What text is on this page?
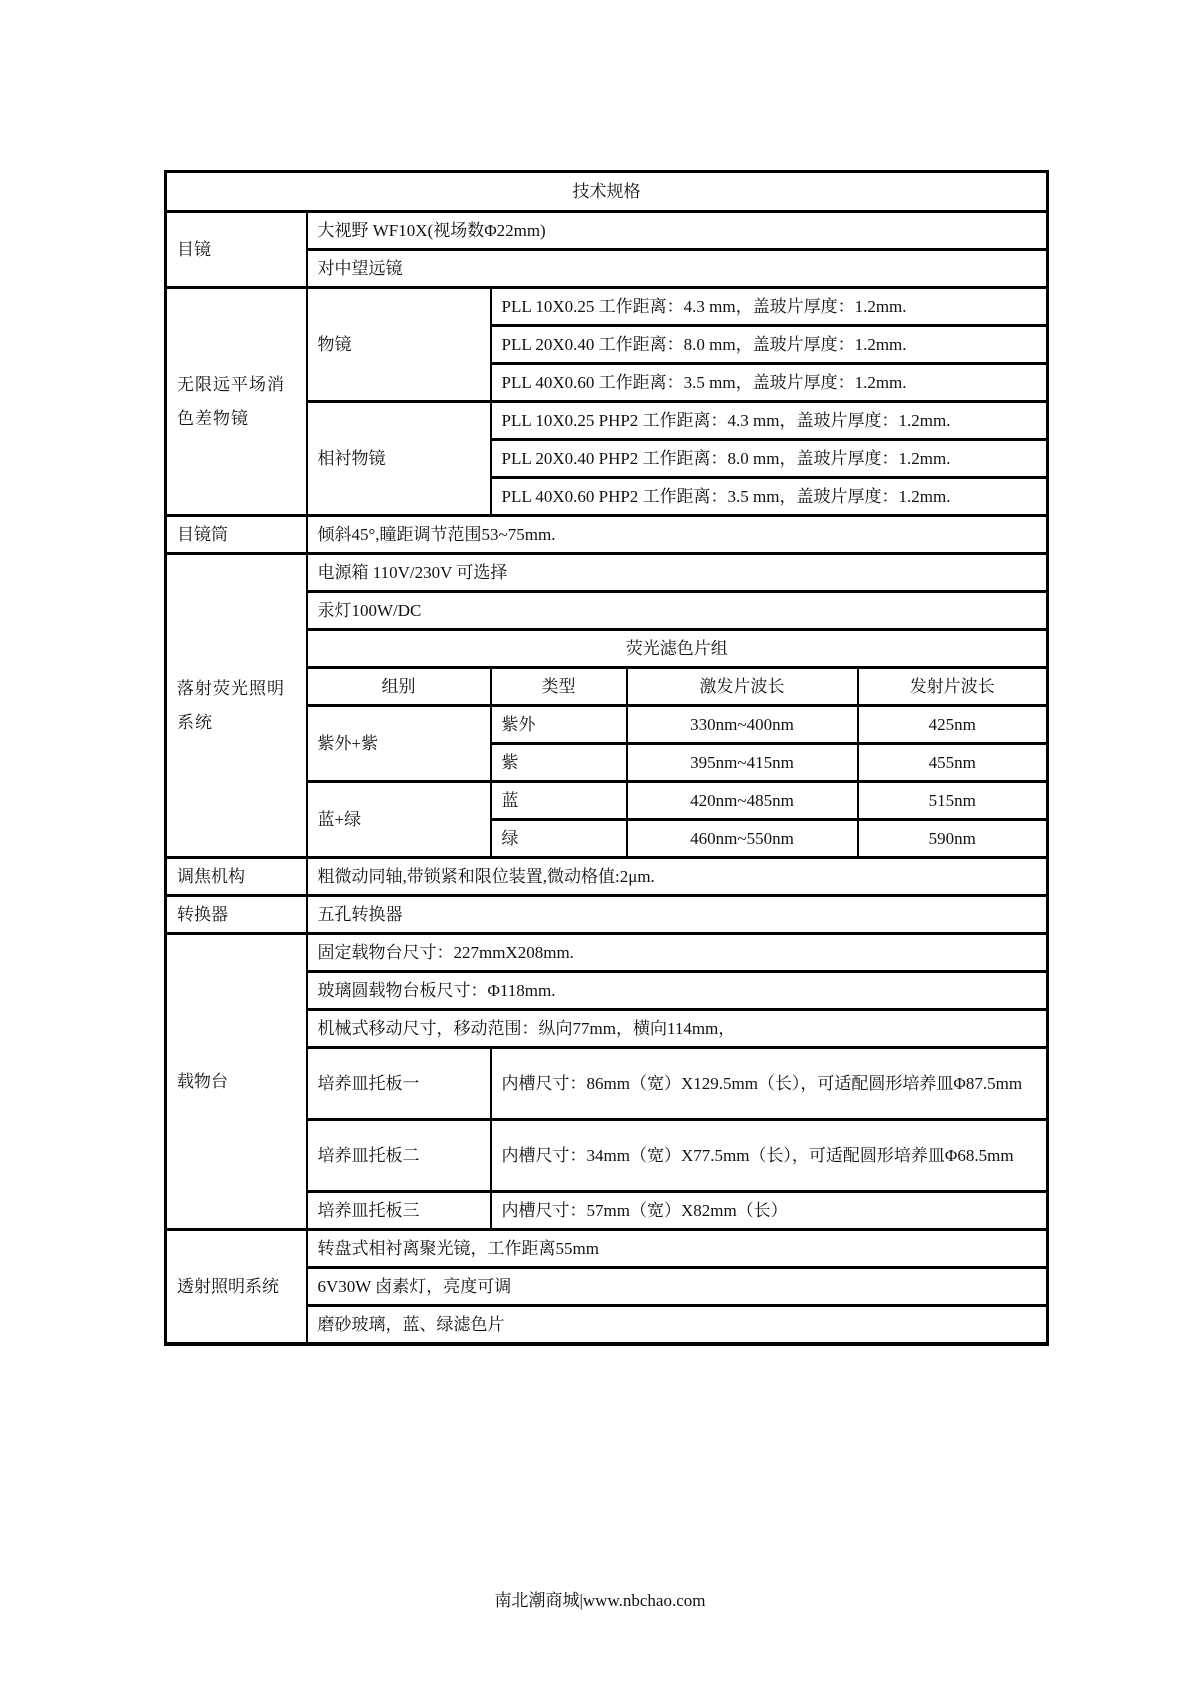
技术规格				
目镜	大视野 WF10X(视场数Φ22mm)			
	对中望远镜			
无限远平场消色差物镜	物镜	PLL 10X0.25 工作距离：4.3 mm，盖玻片厚度：1.2mm.		
		PLL 20X0.40 工作距离：8.0 mm，盖玻片厚度：1.2mm.		
		PLL 40X0.60 工作距离：3.5 mm，盖玻片厚度：1.2mm.		
	相衬物镜	PLL 10X0.25 PHP2 工作距离：4.3 mm，盖玻片厚度：1.2mm.		
		PLL 20X0.40 PHP2 工作距离：8.0 mm，盖玻片厚度：1.2mm.		
		PLL 40X0.60 PHP2 工作距离：3.5 mm，盖玻片厚度：1.2mm.		
目镜筒	倾斜45°,瞳距调节范围53~75mm.			
落射荧光照明系统	电源箱 110V/230V 可选择			
	汞灯100W/DC			
	荧光滤色片组			
	组别	类型	激发片波长	发射片波长
	紫外+紫	紫外	330nm~400nm	425nm
		紫	395nm~415nm	455nm
	蓝+绿	蓝	420nm~485nm	515nm
		绿	460nm~550nm	590nm
调焦机构	粗微动同轴,带锁紧和限位装置,微动格值:2μm.			
转换器	五孔转换器			
载物台	固定载物台尺寸：227mmX208mm.			
	玻璃圆载物台板尺寸：Φ118mm.			
	机械式移动尺寸，移动范围：纵向77mm，横向114mm，			
	培养皿托板一	内槽尺寸：86mm（宽）X129.5mm（长），可适配圆形培养皿Φ87.5mm		
	培养皿托板二	内槽尺寸：34mm（宽）X77.5mm（长），可适配圆形培养皿Φ68.5mm		
	培养皿托板三	内槽尺寸：57mm（宽）X82mm（长）		
透射照明系统	转盘式相衬离聚光镜，工作距离55mm			
	6V30W 卤素灯，亮度可调			
	磨砂玻璃，蓝、绿滤色片			
南北潮商城|www.nbchao.com
